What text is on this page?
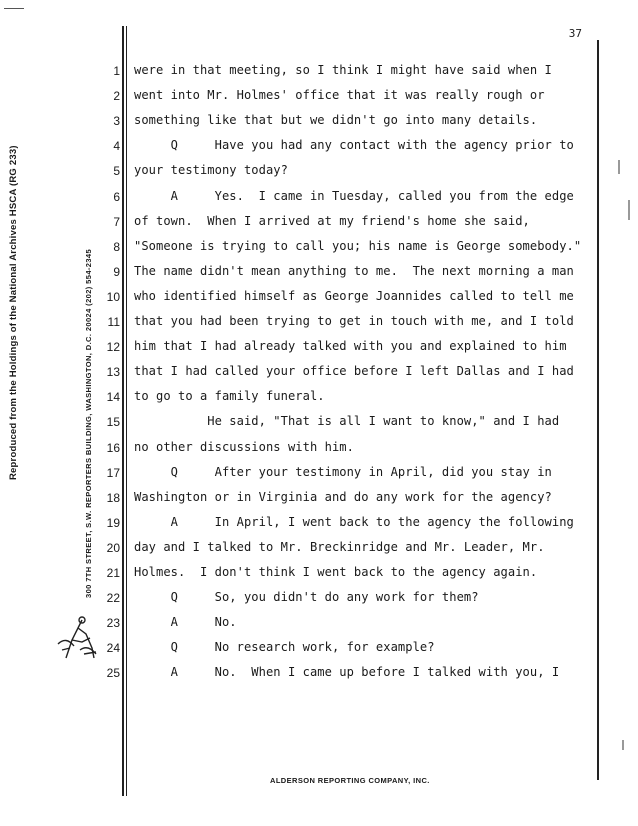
37
Reproduced from the Holdings of the National Archives HSCA (RG 233)	300 7TH STREET, S.W. REPORTERS BUILDING, WASHINGTON, D.C. 20024 (202) 554-2345
1 were in that meeting, so I think I might have said when I
2 went into Mr. Holmes' office that it was really rough or
3 something like that but we didn't go into many details.
4 Q     Have you had any contact with the agency prior to
5 your testimony today?
6 A     Yes.  I came in Tuesday, called you from the edge
7 of town.  When I arrived at my friend's home she said,
8 "Someone is trying to call you; his name is George somebody."
9 The name didn't mean anything to me.  The next morning a man
10 who identified himself as George Joannides called to tell me
11 that you had been trying to get in touch with me, and I told
12 him that I had already talked with you and explained to him
13 that I had called your office before I left Dallas and I had
14 to go to a family funeral.
15 He said, "That is all I want to know," and I had
16 no other discussions with him.
17 Q     After your testimony in April, did you stay in
18 Washington or in Virginia and do any work for the agency?
19 A     In April, I went back to the agency the following
20 day and I talked to Mr. Breckinridge and Mr. Leader, Mr.
21 Holmes.  I don't think I went back to the agency again.
22 Q     So, you didn't do any work for them?
23 A     No.
24 Q     No research work, for example?
25 A     No.  When I came up before I talked with you, I
ALDERSON REPORTING COMPANY, INC.
